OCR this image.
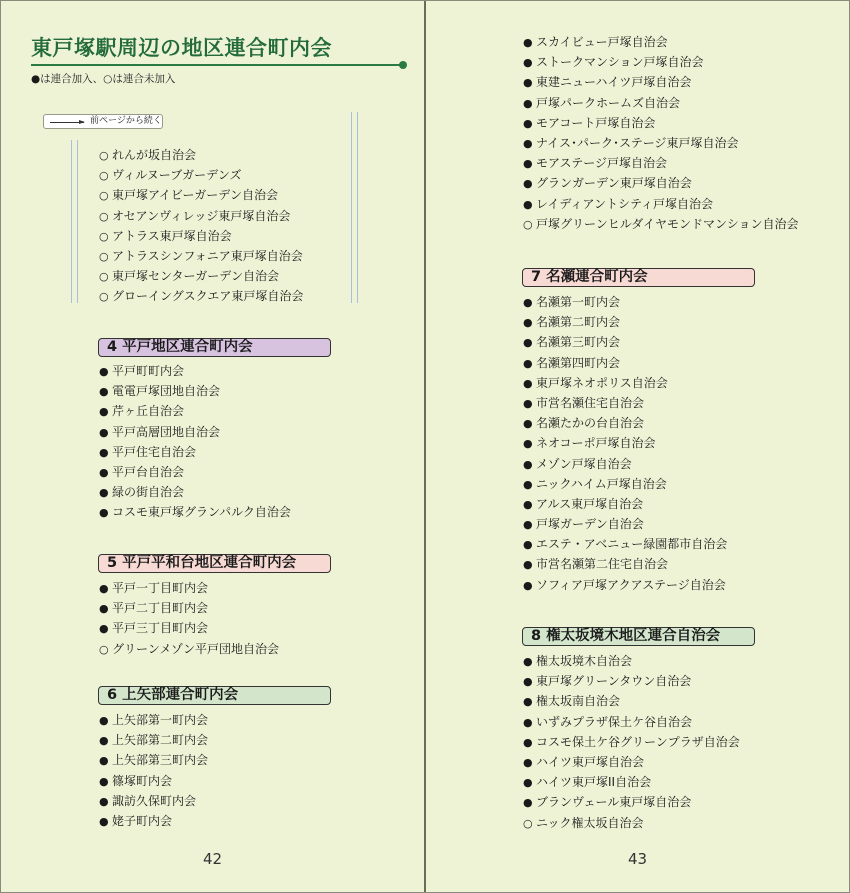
東戸塚駅周辺の地区連合町内会
●は連合加入、○は連合未加入
前ページから続く
○ れんが坂自治会
○ ヴィルヌーブガーデンズ
○ 東戸塚アイビーガーデン自治会
○ オセアンヴィレッジ東戸塚自治会
○ アトラス東戸塚自治会
○ アトラスシンフォニア東戸塚自治会
○ 東戸塚センターガーデン自治会
○ グローイングスクエア東戸塚自治会
4 平戸地区連合町内会
● 平戸町町内会
● 電電戸塚団地自治会
● 芹ヶ丘自治会
● 平戸高層団地自治会
● 平戸住宅自治会
● 平戸台自治会
● 緑の街自治会
● コスモ東戸塚グランパルク自治会
5 平戸平和台地区連合町内会
● 平戸一丁目町内会
● 平戸二丁目町内会
● 平戸三丁目町内会
○ グリーンメゾン平戸団地自治会
6 上矢部連合町内会
● 上矢部第一町内会
● 上矢部第二町内会
● 上矢部第三町内会
● 篠塚町内会
● 諏訪久保町内会
● 姥子町内会
42
● スカイビュー戸塚自治会
● ストークマンション戸塚自治会
● 東建ニューハイツ戸塚自治会
● 戸塚パークホームズ自治会
● モアコート戸塚自治会
● ナイス･パーク･ステージ東戸塚自治会
● モアステージ戸塚自治会
● グランガーデン東戸塚自治会
● レイディアントシティ戸塚自治会
○ 戸塚グリーンヒルダイヤモンドマンション自治会
7 名瀬連合町内会
● 名瀬第一町内会
● 名瀬第二町内会
● 名瀬第三町内会
● 名瀬第四町内会
● 東戸塚ネオポリス自治会
● 市営名瀬住宅自治会
● 名瀬たかの台自治会
● ネオコーポ戸塚自治会
● メゾン戸塚自治会
● ニックハイム戸塚自治会
● アルス東戸塚自治会
● 戸塚ガーデン自治会
● エステ・アベニュー緑園都市自治会
● 市営名瀬第二住宅自治会
● ソフィア戸塚アクアステージ自治会
8 権太坂境木地区連合自治会
● 権太坂境木自治会
● 東戸塚グリーンタウン自治会
● 権太坂南自治会
● いずみプラザ保土ケ谷自治会
● コスモ保土ケ谷グリーンプラザ自治会
● ハイツ東戸塚自治会
● ハイツ東戸塚II自治会
● ブランヴェール東戸塚自治会
○ ニック権太坂自治会
43
